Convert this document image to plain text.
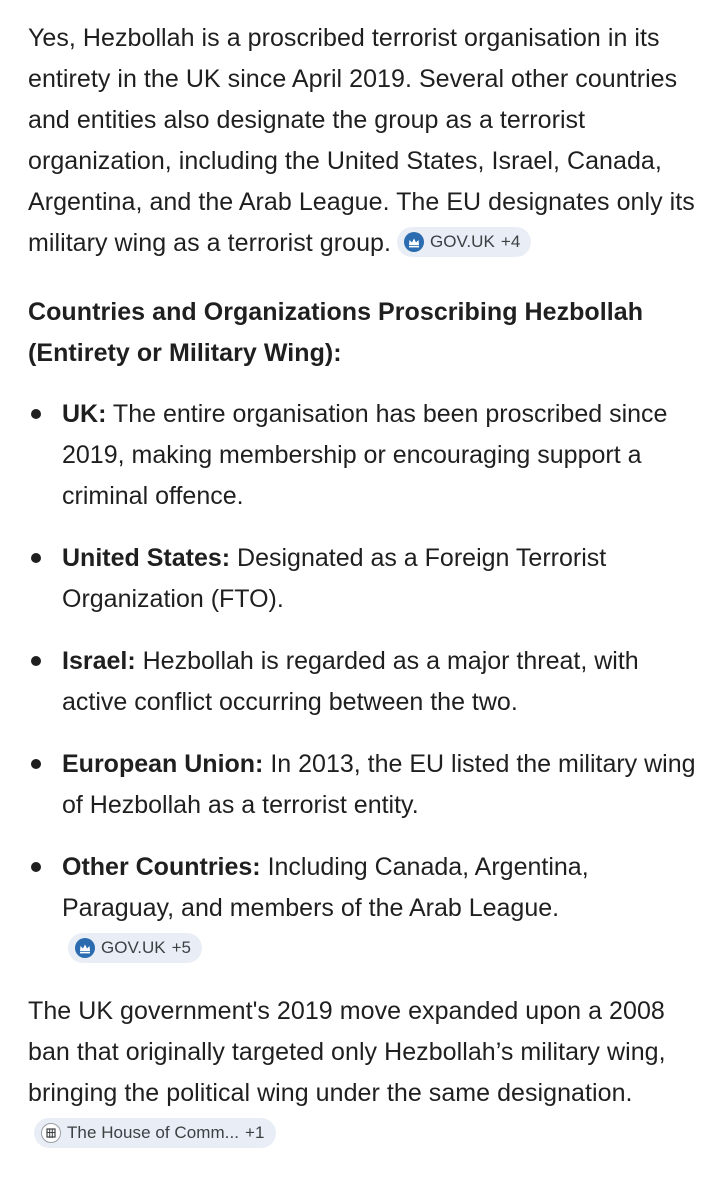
Yes, Hezbollah is a proscribed terrorist organisation in its entirety in the UK since April 2019. Several other countries and entities also designate the group as a terrorist organization, including the United States, Israel, Canada, Argentina, and the Arab League. The EU designates only its military wing as a terrorist group. GOV.UK +4

Countries and Organizations Proscribing Hezbollah (Entirety or Military Wing):

UK: The entire organisation has been proscribed since 2019, making membership or encouraging support a criminal offence.
United States: Designated as a Foreign Terrorist Organization (FTO).
Israel: Hezbollah is regarded as a major threat, with active conflict occurring between the two.
European Union: In 2013, the EU listed the military wing of Hezbollah as a terrorist entity.
Other Countries: Including Canada, Argentina, Paraguay, and members of the Arab League.
GOV.UK +5

The UK government's 2019 move expanded upon a 2008 ban that originally targeted only Hezbollah’s military wing, bringing the political wing under the same designation.
The House of Comm... +1
